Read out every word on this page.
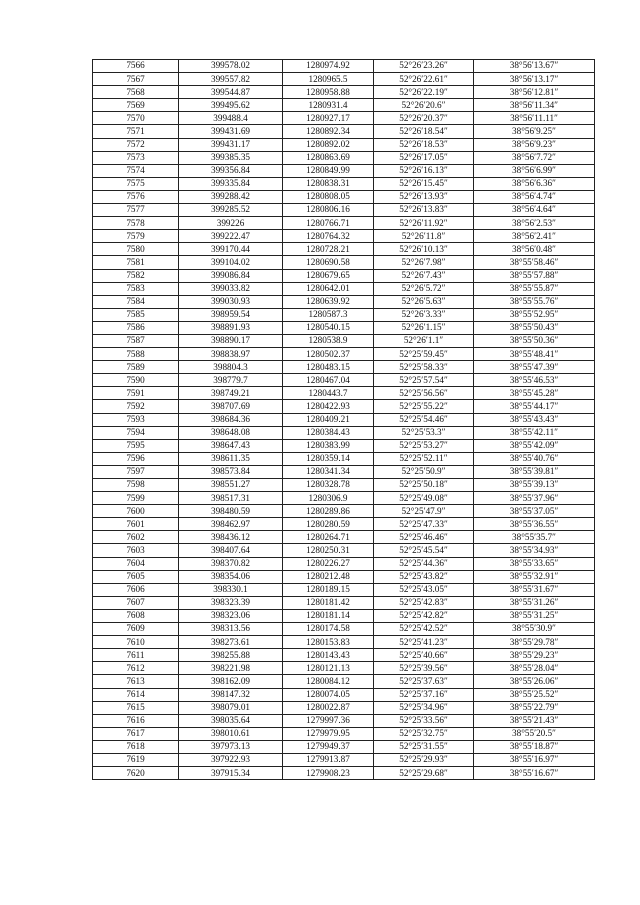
7566	399578.02	1280974.92	52°26′23.26″	38°56′13.67″
7567	399557.82	1280965.5	52°26′22.61″	38°56′13.17″
7568	399544.87	1280958.88	52°26′22.19″	38°56′12.81″
7569	399495.62	1280931.4	52°26′20.6″	38°56′11.34″
7570	399488.4	1280927.17	52°26′20.37″	38°56′11.11″
7571	399431.69	1280892.34	52°26′18.54″	38°56′9.25″
7572	399431.17	1280892.02	52°26′18.53″	38°56′9.23″
7573	399385.35	1280863.69	52°26′17.05″	38°56′7.72″
7574	399356.84	1280849.99	52°26′16.13″	38°56′6.99″
7575	399335.84	1280838.31	52°26′15.45″	38°56′6.36″
7576	399288.42	1280808.05	52°26′13.93″	38°56′4.74″
7577	399285.52	1280806.16	52°26′13.83″	38°56′4.64″
7578	399226	1280766.71	52°26′11.92″	38°56′2.53″
7579	399222.47	1280764.32	52°26′11.8″	38°56′2.41″
7580	399170.44	1280728.21	52°26′10.13″	38°56′0.48″
7581	399104.02	1280690.58	52°26′7.98″	38°55′58.46″
7582	399086.84	1280679.65	52°26′7.43″	38°55′57.88″
7583	399033.82	1280642.01	52°26′5.72″	38°55′55.87″
7584	399030.93	1280639.92	52°26′5.63″	38°55′55.76″
7585	398959.54	1280587.3	52°26′3.33″	38°55′52.95″
7586	398891.93	1280540.15	52°26′1.15″	38°55′50.43″
7587	398890.17	1280538.9	52°26′1.1″	38°55′50.36″
7588	398838.97	1280502.37	52°25′59.45″	38°55′48.41″
7589	398804.3	1280483.15	52°25′58.33″	38°55′47.39″
7590	398779.7	1280467.04	52°25′57.54″	38°55′46.53″
7591	398749.21	1280443.7	52°25′56.56″	38°55′45.28″
7592	398707.69	1280422.93	52°25′55.22″	38°55′44.17″
7593	398684.36	1280409.21	52°25′54.46″	38°55′43.43″
7594	398648.08	1280384.43	52°25′53.3″	38°55′42.11″
7595	398647.43	1280383.99	52°25′53.27″	38°55′42.09″
7596	398611.35	1280359.14	52°25′52.11″	38°55′40.76″
7597	398573.84	1280341.34	52°25′50.9″	38°55′39.81″
7598	398551.27	1280328.78	52°25′50.18″	38°55′39.13″
7599	398517.31	1280306.9	52°25′49.08″	38°55′37.96″
7600	398480.59	1280289.86	52°25′47.9″	38°55′37.05″
7601	398462.97	1280280.59	52°25′47.33″	38°55′36.55″
7602	398436.12	1280264.71	52°25′46.46″	38°55′35.7″
7603	398407.64	1280250.31	52°25′45.54″	38°55′34.93″
7604	398370.82	1280226.27	52°25′44.36″	38°55′33.65″
7605	398354.06	1280212.48	52°25′43.82″	38°55′32.91″
7606	398330.1	1280189.15	52°25′43.05″	38°55′31.67″
7607	398323.39	1280181.42	52°25′42.83″	38°55′31.26″
7608	398323.06	1280181.14	52°25′42.82″	38°55′31.25″
7609	398313.56	1280174.58	52°25′42.52″	38°55′30.9″
7610	398273.61	1280153.83	52°25′41.23″	38°55′29.78″
7611	398255.88	1280143.43	52°25′40.66″	38°55′29.23″
7612	398221.98	1280121.13	52°25′39.56″	38°55′28.04″
7613	398162.09	1280084.12	52°25′37.63″	38°55′26.06″
7614	398147.32	1280074.05	52°25′37.16″	38°55′25.52″
7615	398079.01	1280022.87	52°25′34.96″	38°55′22.79″
7616	398035.64	1279997.36	52°25′33.56″	38°55′21.43″
7617	398010.61	1279979.95	52°25′32.75″	38°55′20.5″
7618	397973.13	1279949.37	52°25′31.55″	38°55′18.87″
7619	397922.93	1279913.87	52°25′29.93″	38°55′16.97″
7620	397915.34	1279908.23	52°25′29.68″	38°55′16.67″
